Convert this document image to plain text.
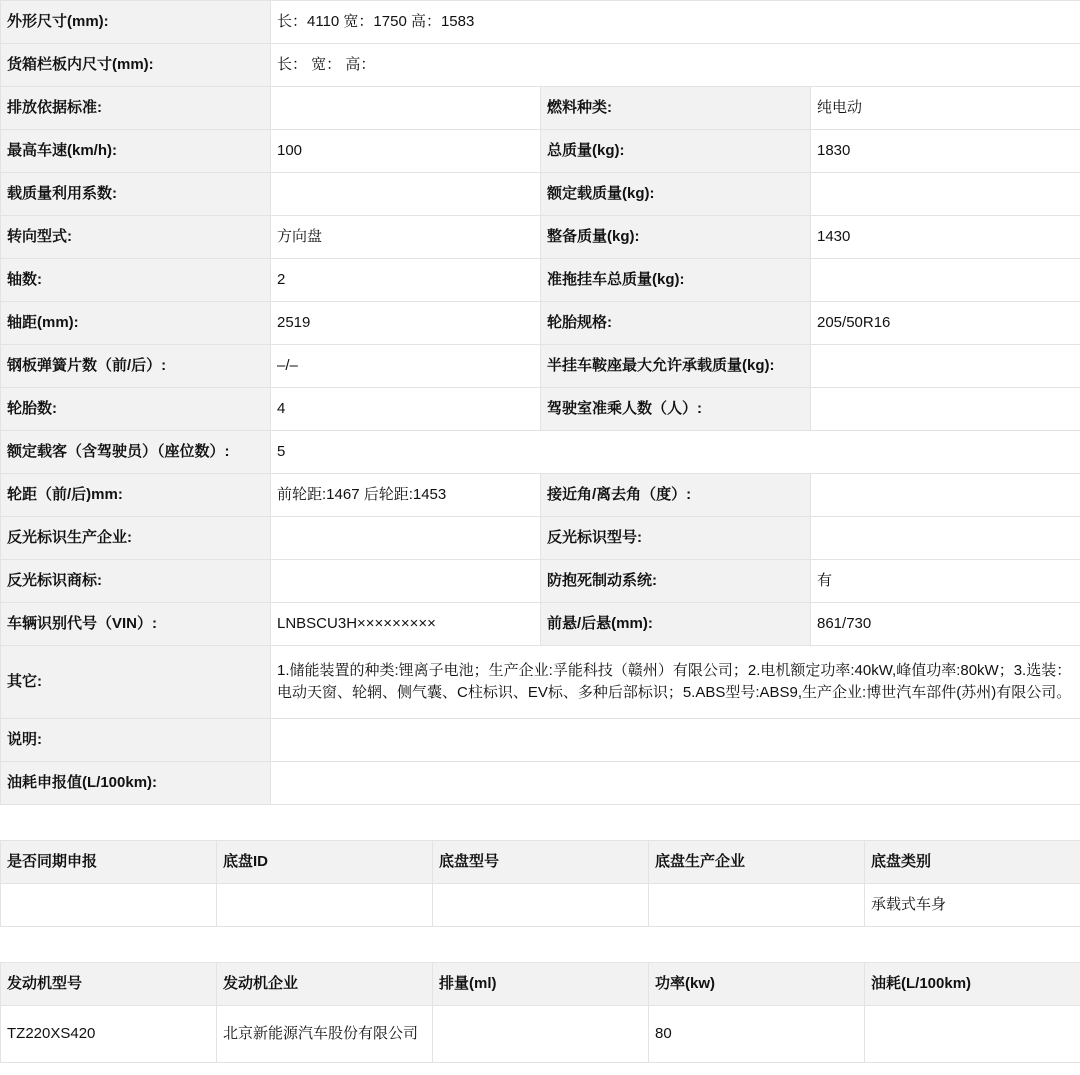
外形尺寸(mm):	长：4110 宽：1750 高：1583		
货箱栏板内尺寸(mm):	长： 宽： 高：		
排放依据标准:		燃料种类:	纯电动
最高车速(km/h):	100	总质量(kg):	1830
载质量利用系数:		额定载质量(kg):	
转向型式:	方向盘	整备质量(kg):	1430
轴数:	2	准拖挂车总质量(kg):	
轴距(mm):	2519	轮胎规格:	205/50R16
钢板弹簧片数（前/后）:	–/–	半挂车鞍座最大允许承载质量(kg):	
轮胎数:	4	驾驶室准乘人数（人）:	
额定载客（含驾驶员）（座位数）:	5		
轮距（前/后)mm:	前轮距:1467 后轮距:1453	接近角/离去角（度）:	
反光标识生产企业:		反光标识型号:	
反光标识商标:		防抱死制动系统:	有
车辆识别代号（VIN）:	LNBSCU3H×××××××××	前悬/后悬(mm):	861/730
其它:	1.储能装置的种类:锂离子电池；生产企业:孚能科技（赣州）有限公司；2.电机额定功率:40kW,峰值功率:80kW；3.选装：电动天窗、轮辋、侧气囊、C柱标识、EV标、多种后部标识；5.ABS型号:ABS9,生产企业:博世汽车部件(苏州)有限公司。		
说明:			
油耗申报值(L/100km):			
是否同期申报	底盘ID	底盘型号	底盘生产企业	底盘类别
				承载式车身
发动机型号	发动机企业	排量(ml)	功率(kw)	油耗(L/100km)
TZ220XS420	北京新能源汽车股份有限公司		80	
